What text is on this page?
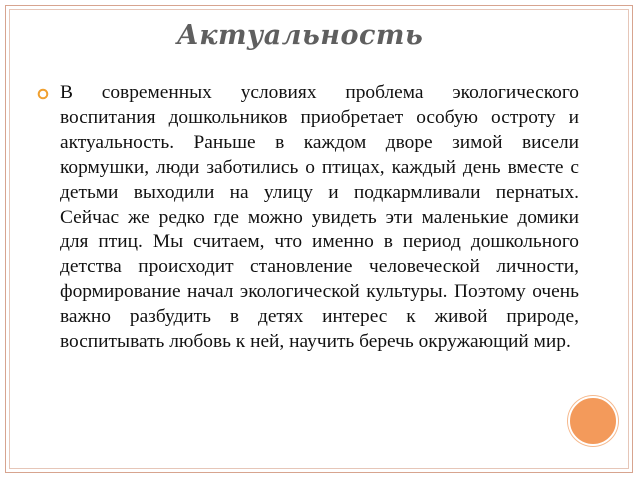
Актуальность

В современных условиях проблема экологического воспитания дошкольников приобретает особую остроту и актуальность. Раньше в каждом дворе зимой висели кормушки, люди заботились о птицах, каждый день вместе с детьми выходили на улицу и подкармливали пернатых. Сейчас же редко где можно увидеть эти маленькие домики для птиц. Мы считаем, что именно в период дошкольного детства происходит становление человеческой личности, формирование начал экологической культуры. Поэтому очень важно разбудить в детях интерес к живой природе, воспитывать любовь к ней, научить беречь окружающий мир.
